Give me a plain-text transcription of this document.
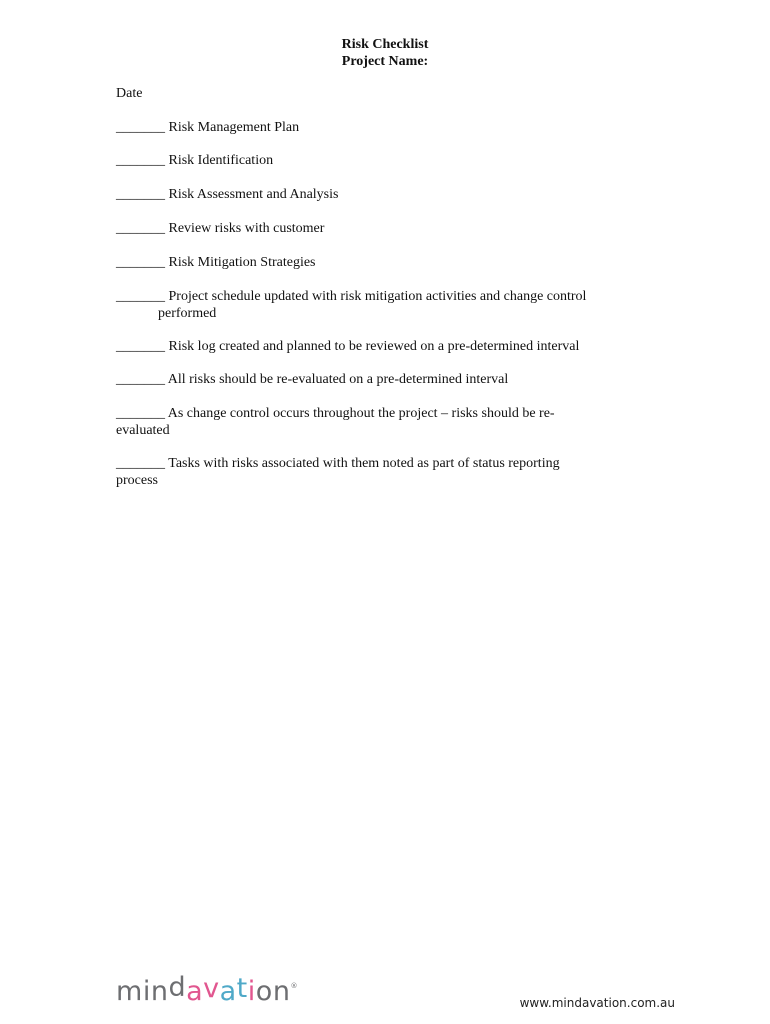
Risk Checklist
Project Name:
Date
_______ Risk Management Plan
_______ Risk Identification
_______ Risk Assessment and Analysis
_______ Review risks with customer
_______ Risk Mitigation Strategies
_______ Project schedule updated with risk mitigation activities and change control
performed
_______ Risk log created and planned to be reviewed on a pre-determined interval
_______ All risks should be re-evaluated on a pre-determined interval
_______ As change control occurs throughout the project – risks should be re-
evaluated
_______ Tasks with risks associated with them noted as part of status reporting
process
mindavation®
www.mindavation.com.au
